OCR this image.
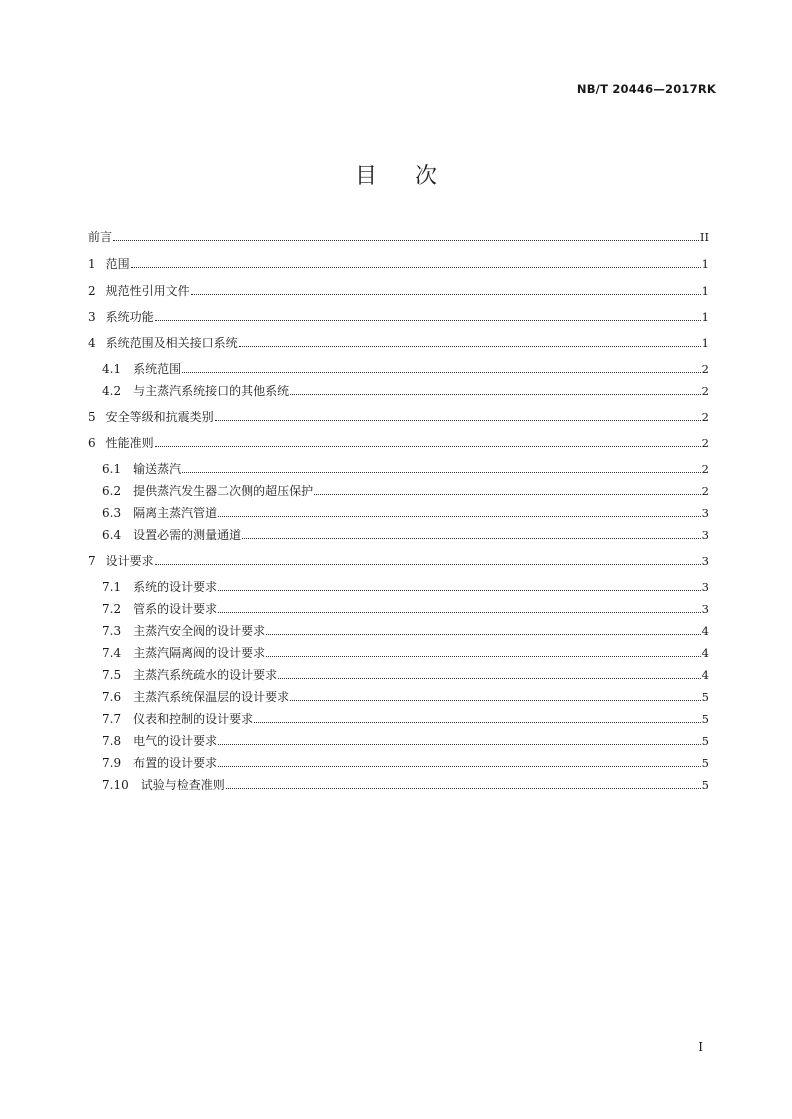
NB/T 20446—2017RK
目次
前言	II
1 范围	1
2 规范性引用文件	1
3 系统功能	1
4 系统范围及相关接口系统	1
4.1 系统范围	2
4.2 与主蒸汽系统接口的其他系统	2
5 安全等级和抗震类别	2
6 性能准则	2
6.1 输送蒸汽	2
6.2 提供蒸汽发生器二次侧的超压保护	2
6.3 隔离主蒸汽管道	3
6.4 设置必需的测量通道	3
7 设计要求	3
7.1 系统的设计要求	3
7.2 管系的设计要求	3
7.3 主蒸汽安全阀的设计要求	4
7.4 主蒸汽隔离阀的设计要求	4
7.5 主蒸汽系统疏水的设计要求	4
7.6 主蒸汽系统保温层的设计要求	5
7.7 仪表和控制的设计要求	5
7.8 电气的设计要求	5
7.9 布置的设计要求	5
7.10 试验与检查准则	5
I
